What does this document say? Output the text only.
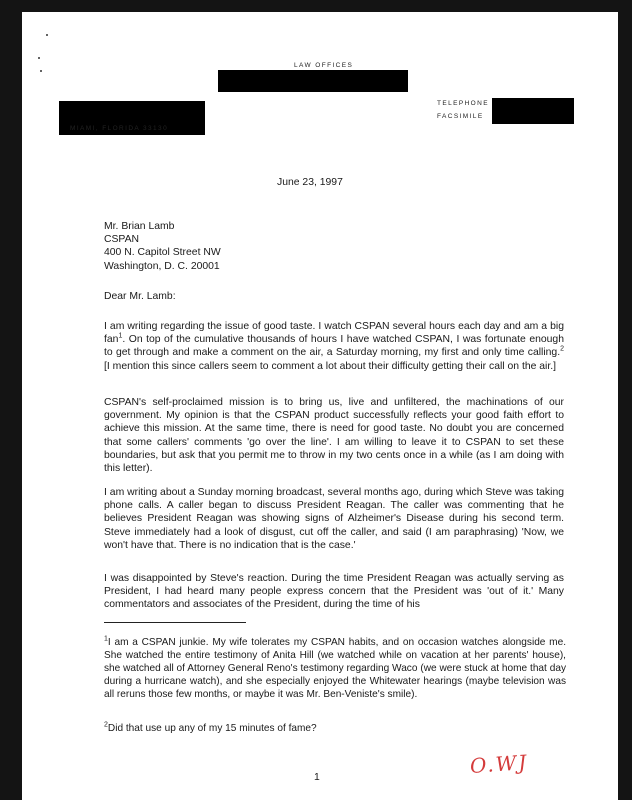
LAW OFFICES
MIAMI, FLORIDA 33130
TELEPHONE
FACSIMILE
June 23, 1997
Mr. Brian Lamb
CSPAN
400 N. Capitol Street NW
Washington, D. C. 20001
Dear Mr. Lamb:

I am writing regarding the issue of good taste. I watch CSPAN several hours each day and am a big fan$^1$. On top of the cumulative thousands of hours I have watched CSPAN, I was fortunate enough to get through and make a comment on the air, a Saturday morning, my first and only time calling.$^2$ [I mention this since callers seem to comment a lot about their difficulty getting their call on the air.]

CSPAN's self-proclaimed mission is to bring us, live and unfiltered, the machinations of our government. My opinion is that the CSPAN product successfully reflects your good faith effort to achieve this mission. At the same time, there is need for good taste. No doubt you are concerned that some callers' comments 'go over the line'. I am willing to leave it to CSPAN to set these boundaries, but ask that you permit me to throw in my two cents once in a while (as I am doing with this letter).

I am writing about a Sunday morning broadcast, several months ago, during which Steve was taking phone calls. A caller began to discuss President Reagan. The caller was commenting that he believes President Reagan was showing signs of Alzheimer's Disease during his second term. Steve immediately had a look of disgust, cut off the caller, and said (I am paraphrasing) 'Now, we won't have that. There is no indication that is the case.'

I was disappointed by Steve's reaction. During the time President Reagan was actually serving as President, I had heard many people express concern that the President was 'out of it.' Many commentators and associates of the President, during the time of his

$^1$I am a CSPAN junkie. My wife tolerates my CSPAN habits, and on occasion watches alongside me. She watched the entire testimony of Anita Hill (we watched while on vacation at her parents' house), she watched all of Attorney General Reno's testimony regarding Waco (we were stuck at home that day during a hurricane watch), and she especially enjoyed the Whitewater hearings (maybe television was all reruns those few months, or maybe it was Mr. Ben-Veniste's smile).

$^2$Did that use up any of my 15 minutes of fame?

1	O.WJ
